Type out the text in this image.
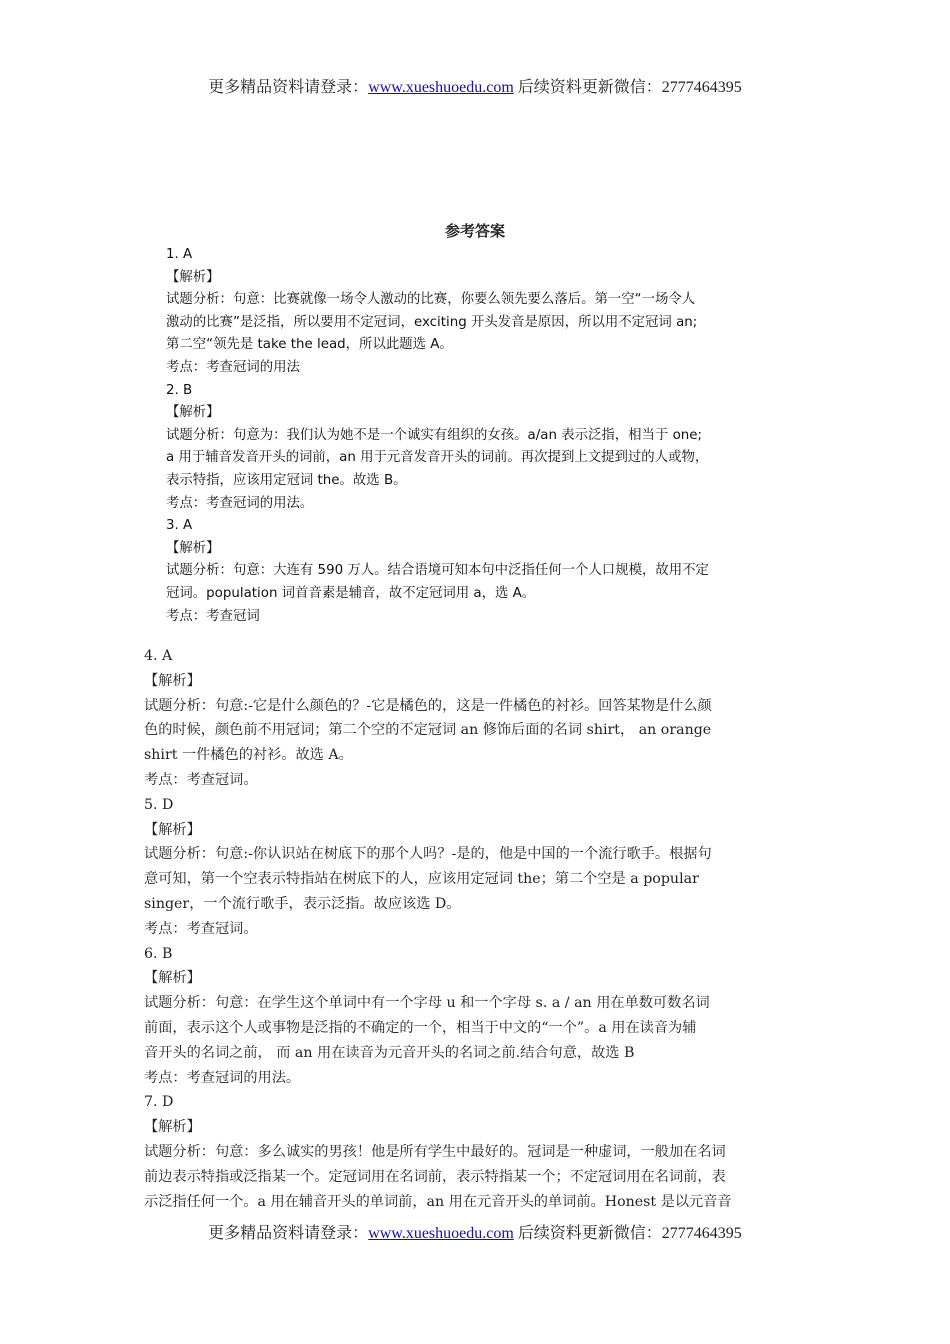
更多精品资料请登录：www.xueshuoedu.com 后续资料更新微信：2777464395
参考答案
1. A
【解析】
试题分析：句意：比赛就像一场令人激动的比赛，你要么领先要么落后。第一空“一场令人
激动的比赛”是泛指，所以要用不定冠词，exciting 开头发音是原因，所以用不定冠词 an;
第二空“领先是 take the lead，所以此题选 A。
考点：考查冠词的用法
2. B
【解析】
试题分析：句意为：我们认为她不是一个诚实有组织的女孩。a/an 表示泛指，相当于 one;
a 用于辅音发音开头的词前，an 用于元音发音开头的词前。再次提到上文提到过的人或物，
表示特指，应该用定冠词 the。故选 B。
考点：考查冠词的用法。
3. A
【解析】
试题分析：句意：大连有 590 万人。结合语境可知本句中泛指任何一个人口规模，故用不定
冠词。population 词首音素是辅音，故不定冠词用 a，选 A。
考点：考查冠词
4. A
【解析】
试题分析：句意:-它是什么颜色的？-它是橘色的，这是一件橘色的衬衫。回答某物是什么颜
色的时候，颜色前不用冠词；第二个空的不定冠词 an 修饰后面的名词 shirt， an orange
shirt 一件橘色的衬衫。故选 A。
考点：考查冠词。
5. D
【解析】
试题分析：句意:-你认识站在树底下的那个人吗？-是的，他是中国的一个流行歌手。根据句
意可知，第一个空表示特指站在树底下的人，应该用定冠词 the；第二个空是 a popular
singer，一个流行歌手，表示泛指。故应该选 D。
考点：考查冠词。
6. B
【解析】
试题分析：句意：在学生这个单词中有一个字母 u 和一个字母 s. a / an 用在单数可数名词
前面，表示这个人或事物是泛指的不确定的一个，相当于中文的“一个”。a 用在读音为辅
音开头的名词之前， 而 an 用在读音为元音开头的名词之前.结合句意，故选 B
考点：考查冠词的用法。
7. D
【解析】
试题分析：句意：多么诚实的男孩！他是所有学生中最好的。冠词是一种虚词，一般加在名词
前边表示特指或泛指某一个。定冠词用在名词前，表示特指某一个；不定冠词用在名词前，表
示泛指任何一个。a 用在辅音开头的单词前，an 用在元音开头的单词前。Honest 是以元音音
更多精品资料请登录：www.xueshuoedu.com 后续资料更新微信：2777464395
